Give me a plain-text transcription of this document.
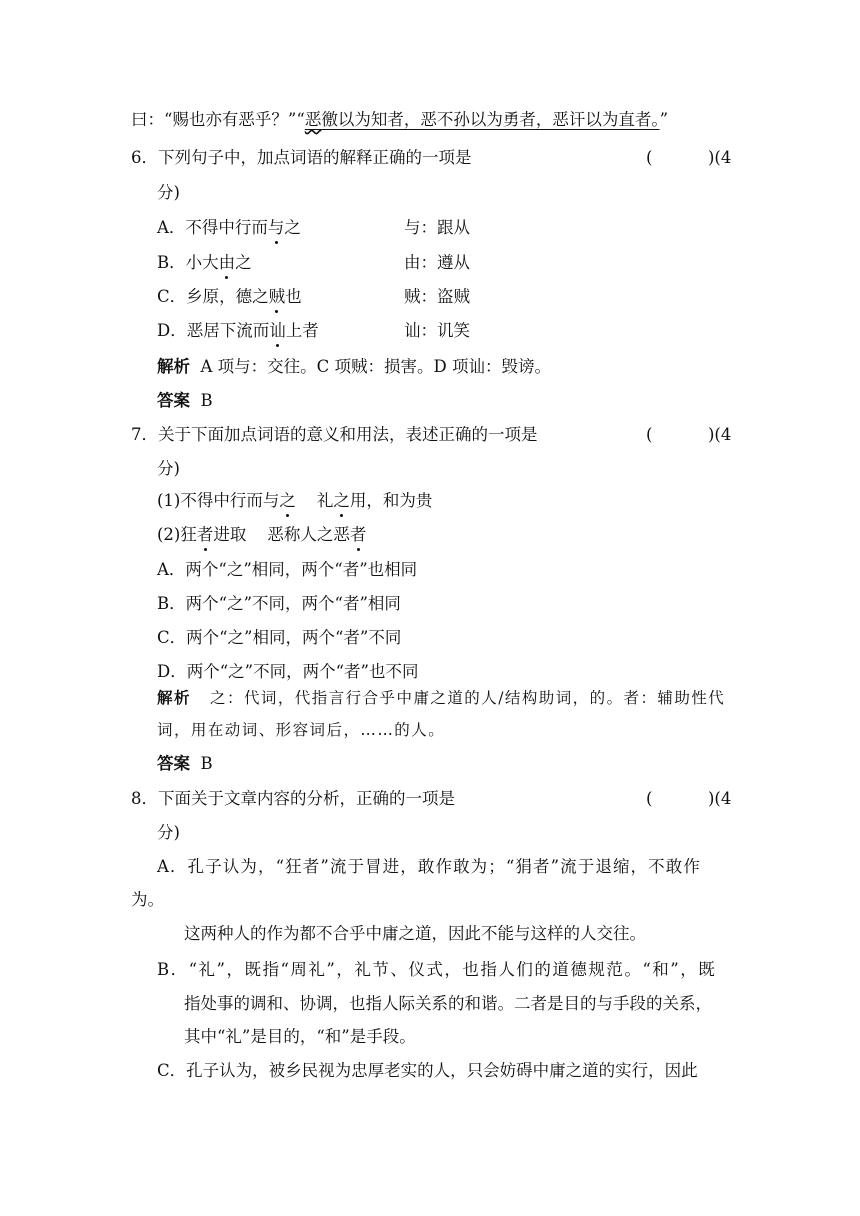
曰：“赐也亦有恶乎？”“恶徼以为知者，恶不孙以为勇者，恶讦以为直者。”
6．下列句子中，加点词语的解释正确的一项是	(	)(4
分)
A．不得中行而与之	与：跟从
B．小大由之	由：遵从
C．乡原，德之贼也	贼：盗贼
D．恶居下流而讪上者	讪：讥笑
解析 A 项与：交往。C 项贼：损害。D 项讪：毁谤。
答案 B
7．关于下面加点词语的意义和用法，表述正确的一项是	(	)(4
分)
(1)不得中行而与之 礼之用，和为贵
(2)狂者进取 恶称人之恶者
A．两个“之”相同，两个“者”也相同
B．两个“之”不同，两个“者”相同
C．两个“之”相同，两个“者”不同
D．两个“之”不同，两个“者”也不同
解析 之：代词，代指言行合乎中庸之道的人/结构助词，的。者：辅助性代
词，用在动词、形容词后，……的人。
答案 B
8．下面关于文章内容的分析，正确的一项是	(	)(4
分)
A．孔子认为，“狂者”流于冒进，敢作敢为；“狷者”流于退缩，不敢作
为。
这两种人的作为都不合乎中庸之道，因此不能与这样的人交往。
B．“礼”，既指“周礼”，礼节、仪式，也指人们的道德规范。“和”，既
指处事的调和、协调，也指人际关系的和谐。二者是目的与手段的关系，
其中“礼”是目的，“和”是手段。
C．孔子认为，被乡民视为忠厚老实的人，只会妨碍中庸之道的实行，因此
